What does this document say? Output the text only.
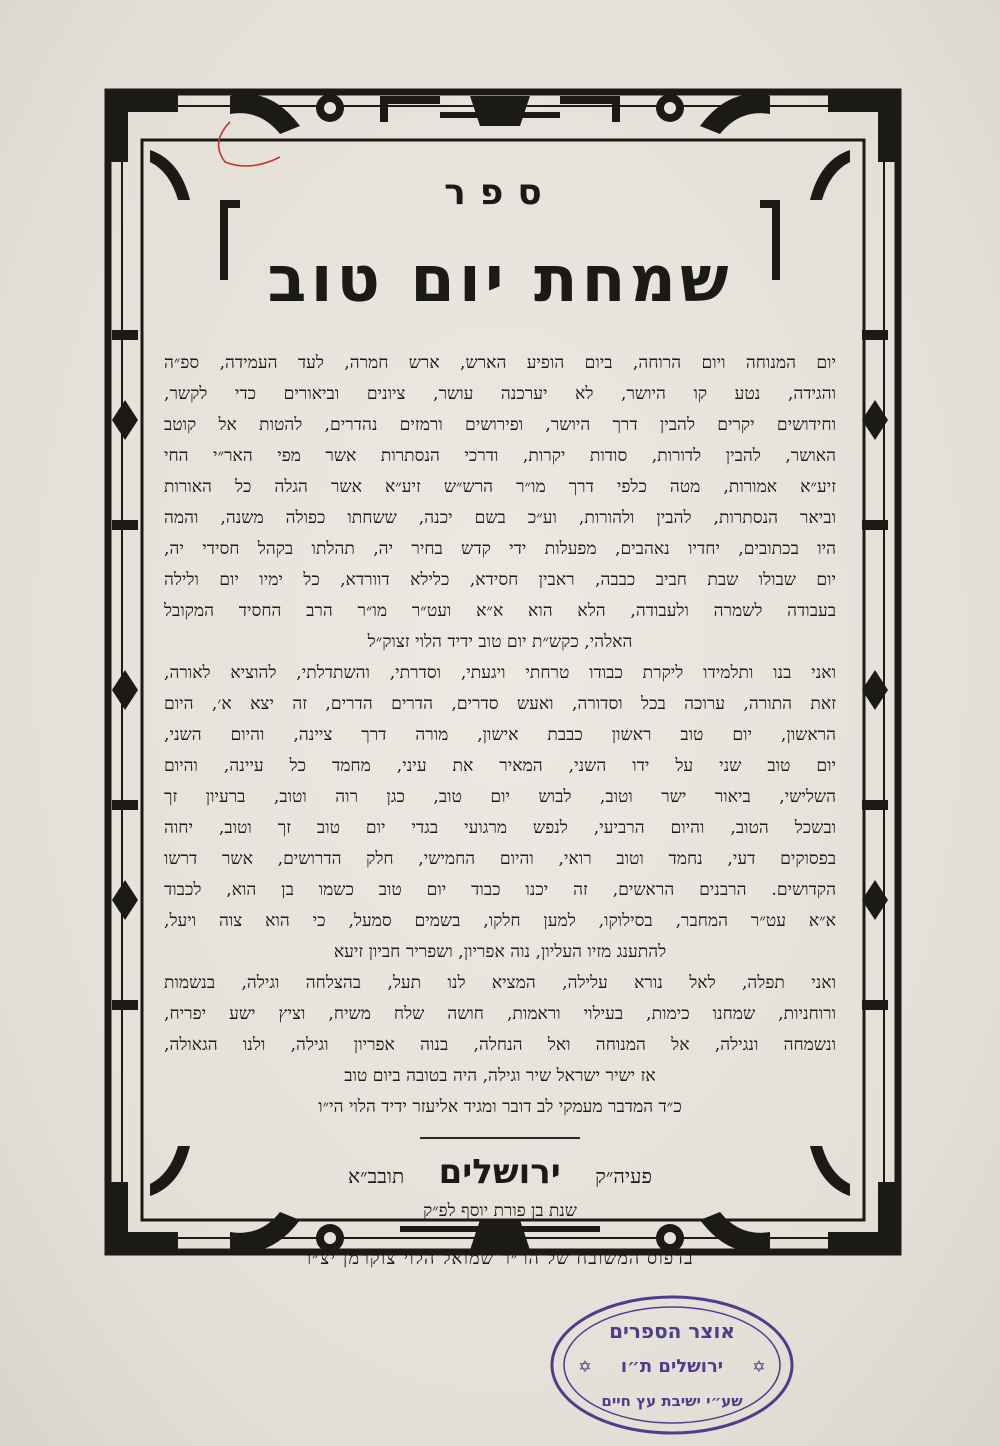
ספר
שמחת יום טוב
יום המנוחה ויום הרוחה, ביום הופיע הארש, ארש חמרה, לעד העמידה, ספ״ה
והגידה, נטע קו היושר, לא יערכנה עושר, ציונים וביאורים כדי לקשר,
וחידושים יקרים להבין דרך היושר, ופירושים ורמזים נהדרים, להטות אל קוטב
האושר, להבין לדורות, סודות יקרות, ודרכי הנסתרות אשר מפי האר״י החי
זיע״א אמורות, מטה כלפי דרך מו״ר הרש״ש זיע״א אשר הגלה כל האורות
וביאר הנסתרות, להבין ולהורות, וע״כ בשם יכנה, ששחתו כפולה משנה, והמה
היו בכתובים, יחדיו נאהבים, מפעלות ידי קדש בחיר יה, תהלתו בקהל חסידי יה,
יום שבולו שבת חביב כבבה, ראבין חסידא, כלילא דוורדא, כל ימיו יום ולילה
בעבודה לשמרה ולעבודה, הלא הוא א״א ועט״ר מו״ר הרב החסיד המקובל
האלהי, כקש״ת יום טוב ידיד הלוי זצוק״ל
ואני בנו ותלמידו ליקרת כבודו טרחתי ויגעתי, וסדרתי, והשתדלתי, להוציא לאורה,
זאת התורה, ערוכה בכל וסדורה, ואעש סדרים, הדרים הדרים, זה יצא א׳, היום
הראשון, יום טוב ראשון כבבת אישון, מורה דרך ציינה, והיום השני,
יום טוב שני על ידו השני, המאיר את עיני, מחמד כל עיינה, והיום
השלישי, ביאור ישר וטוב, לבוש יום טוב, כגן רוה וטוב, ברעיון זך
ובשכל הטוב, והיום הרביעי, לנפש מרגועי בגדי יום טוב זך וטוב, יחוה
בפסוקים דעי, נחמד וטוב רואי, והיום החמישי, חלק הדרושים, אשר דרשו
הקדושים. הרבנים הראשים, זה יכנו כבוד יום טוב כשמו בן הוא, לכבוד
א״א עט״ר המחבר, בסילוקו, למען חלקו, בשמים סמעל, כי הוא צוה ויעל,
להתענג מזיו העליון, נוה אפריון, ושפריר חביון זיעא
ואני תפלה, לאל נורא עלילה, המציא לנו תעל, בהצלחה וגילה, בנשמות
ורוחניות, שמחנו כימות, בעילוי וראמות, חושה שלח משיח, וציץ ישע יפריח,
ונשמחה ונגילה, אל המנוחה ואל הנחלה, בנוה אפריון וגילה, ולנו הגאולה,
אז ישיר ישראל שיר וגילה, היה בטובה ביום טוב
כ״ד המדבר מעמקי לב דובר ומגיד אליעזר ידיד הלוי הי״ו
פעיה״ק ירושלים תובב״א
שנת בן פורת יוסף לפ״ק
בדפוס המשובח של הר״ר שמואל הלוי צוקרמן יצ״ו
אוצר הספרים
ירושלים ת״ו
שע״י ישיבת עץ חיים
✡	✡
